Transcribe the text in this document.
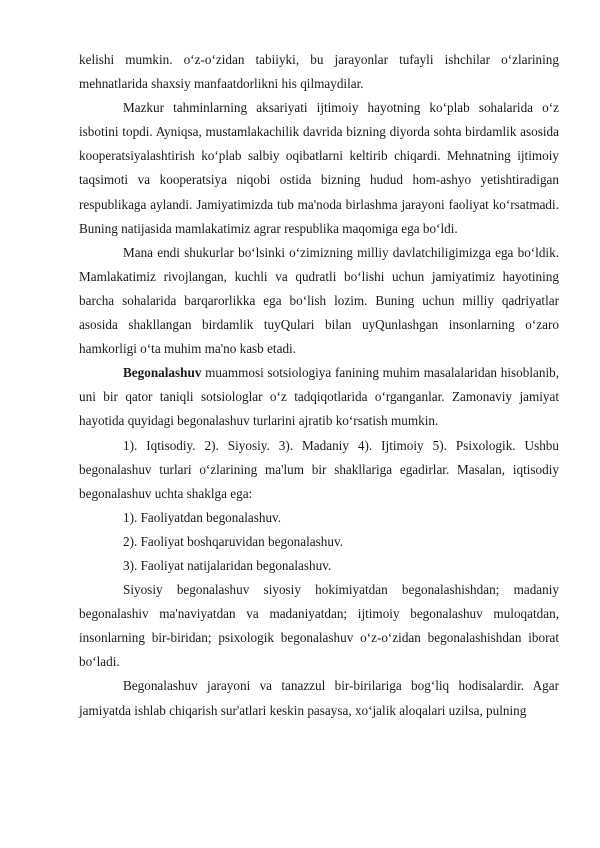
kelishi mumkin. o‘z-o‘zidan tabiiyki, bu jarayonlar tufayli ishchilar o‘zlarining mehnatlarida shaxsiy manfaatdorlikni his qilmaydilar.

Mazkur tahminlarning aksariyati ijtimoiy hayotning ko‘plab sohalarida o‘z isbotini topdi. Ayniqsa, mustamlakachilik davrida bizning diyorda sohta birdamlik asosida kooperatsiyalashtirish ko‘plab salbiy oqibatlarni keltirib chiqardi. Mehnatning ijtimoiy taqsimoti va kooperatsiya niqobi ostida bizning hudud hom-ashyo yetishtiradigan respublikaga aylandi. Jamiyatimizda tub ma'noda birlashma jarayoni faoliyat ko‘rsatmadi. Buning natijasida mamlakatimiz agrar respublika maqomiga ega bo‘ldi.

Mana endi shukurlar bo‘lsinki o‘zimizning milliy davlatchiligimizga ega bo‘ldik. Mamlakatimiz rivojlangan, kuchli va qudratli bo‘lishi uchun jamiyatimiz hayotining barcha sohalarida barqarorlikka ega bo‘lish lozim. Buning uchun milliy qadriyatlar asosida shakllangan birdamlik tuyQulari bilan uyQunlashgan insonlarning o‘zaro hamkorligi o‘ta muhim ma'no kasb etadi.

Begonalashuv muammosi sotsiologiya fanining muhim masalalaridan hisoblanib, uni bir qator taniqli sotsiologlar o‘z tadqiqotlarida o‘rganganlar. Zamonaviy jamiyat hayotida quyidagi begonalashuv turlarini ajratib ko‘rsatish mumkin.

1). Iqtisodiy. 2). Siyosiy. 3). Madaniy 4). Ijtimoiy 5). Psixologik. Ushbu begonalashuv turlari o‘zlarining ma'lum bir shakllariga egadirlar. Masalan, iqtisodiy begonalashuv uchta shaklga ega:

1). Faoliyatdan begonalashuv.

2). Faoliyat boshqaruvidan begonalashuv.

3). Faoliyat natijalaridan begonalashuv.

Siyosiy begonalashuv siyosiy hokimiyatdan begonalashishdan; madaniy begonalashiv ma'naviyatdan va madaniyatdan; ijtimoiy begonalashuv muloqatdan, insonlarning bir-biridan; psixologik begonalashuv o‘z-o‘zidan begonalashishdan iborat bo‘ladi.

Begonalashuv jarayoni va tanazzul bir-birilariga bog‘liq hodisalardir. Agar jamiyatda ishlab chiqarish sur'atlari keskin pasaysa, xo‘jalik aloqalari uzilsa, pulning
